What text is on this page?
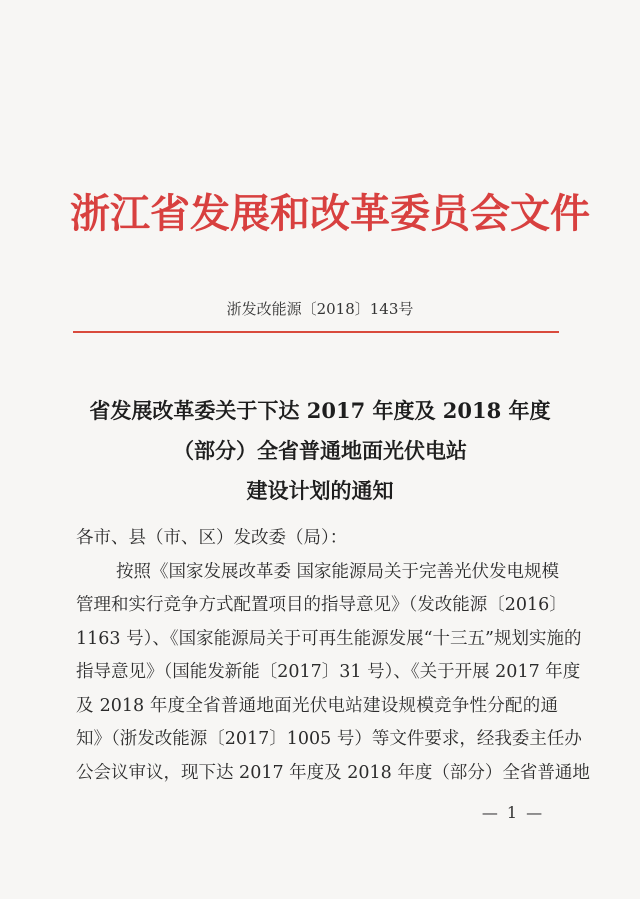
浙江省发展和改革委员会文件
浙发改能源〔2018〕143号
省发展改革委关于下达 2017 年度及 2018 年度
（部分）全省普通地面光伏电站
建设计划的通知
各市、县（市、区）发改委（局）：
按照《国家发展改革委 国家能源局关于完善光伏发电规模
管理和实行竞争方式配置项目的指导意见》（发改能源〔2016〕
1163 号）、《国家能源局关于可再生能源发展“十三五”规划实施的
指导意见》（国能发新能〔2017〕31 号）、《关于开展 2017 年度
及 2018 年度全省普通地面光伏电站建设规模竞争性分配的通
知》（浙发改能源〔2017〕1005 号）等文件要求，经我委主任办
公会议审议，现下达 2017 年度及 2018 年度（部分）全省普通地
— 1 —
